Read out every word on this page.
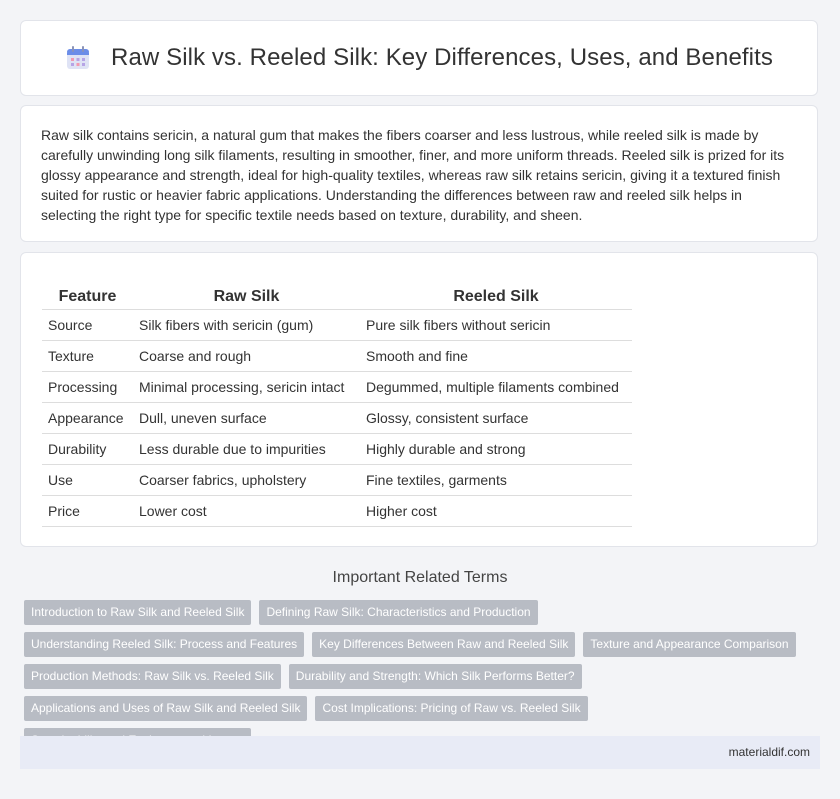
Raw Silk vs. Reeled Silk: Key Differences, Uses, and Benefits

Raw silk contains sericin, a natural gum that makes the fibers coarser and less lustrous, while reeled silk is made by carefully unwinding long silk filaments, resulting in smoother, finer, and more uniform threads. Reeled silk is prized for its glossy appearance and strength, ideal for high-quality textiles, whereas raw silk retains sericin, giving it a textured finish suited for rustic or heavier fabric applications. Understanding the differences between raw and reeled silk helps in selecting the right type for specific textile needs based on texture, durability, and sheen.

Feature	Raw Silk	Reeled Silk
Source	Silk fibers with sericin (gum)	Pure silk fibers without sericin
Texture	Coarse and rough	Smooth and fine
Processing	Minimal processing, sericin intact	Degummed, multiple filaments combined
Appearance	Dull, uneven surface	Glossy, consistent surface
Durability	Less durable due to impurities	Highly durable and strong
Use	Coarser fabrics, upholstery	Fine textiles, garments
Price	Lower cost	Higher cost
Important Related Terms
Introduction to Raw Silk and Reeled Silk	Defining Raw Silk: Characteristics and Production
Understanding Reeled Silk: Process and Features	Key Differences Between Raw and Reeled Silk	Texture and Appearance Comparison
Production Methods: Raw Silk vs. Reeled Silk	Durability and Strength: Which Silk Performs Better?
Applications and Uses of Raw Silk and Reeled Silk	Cost Implications: Pricing of Raw vs. Reeled Silk
materialdif.com
